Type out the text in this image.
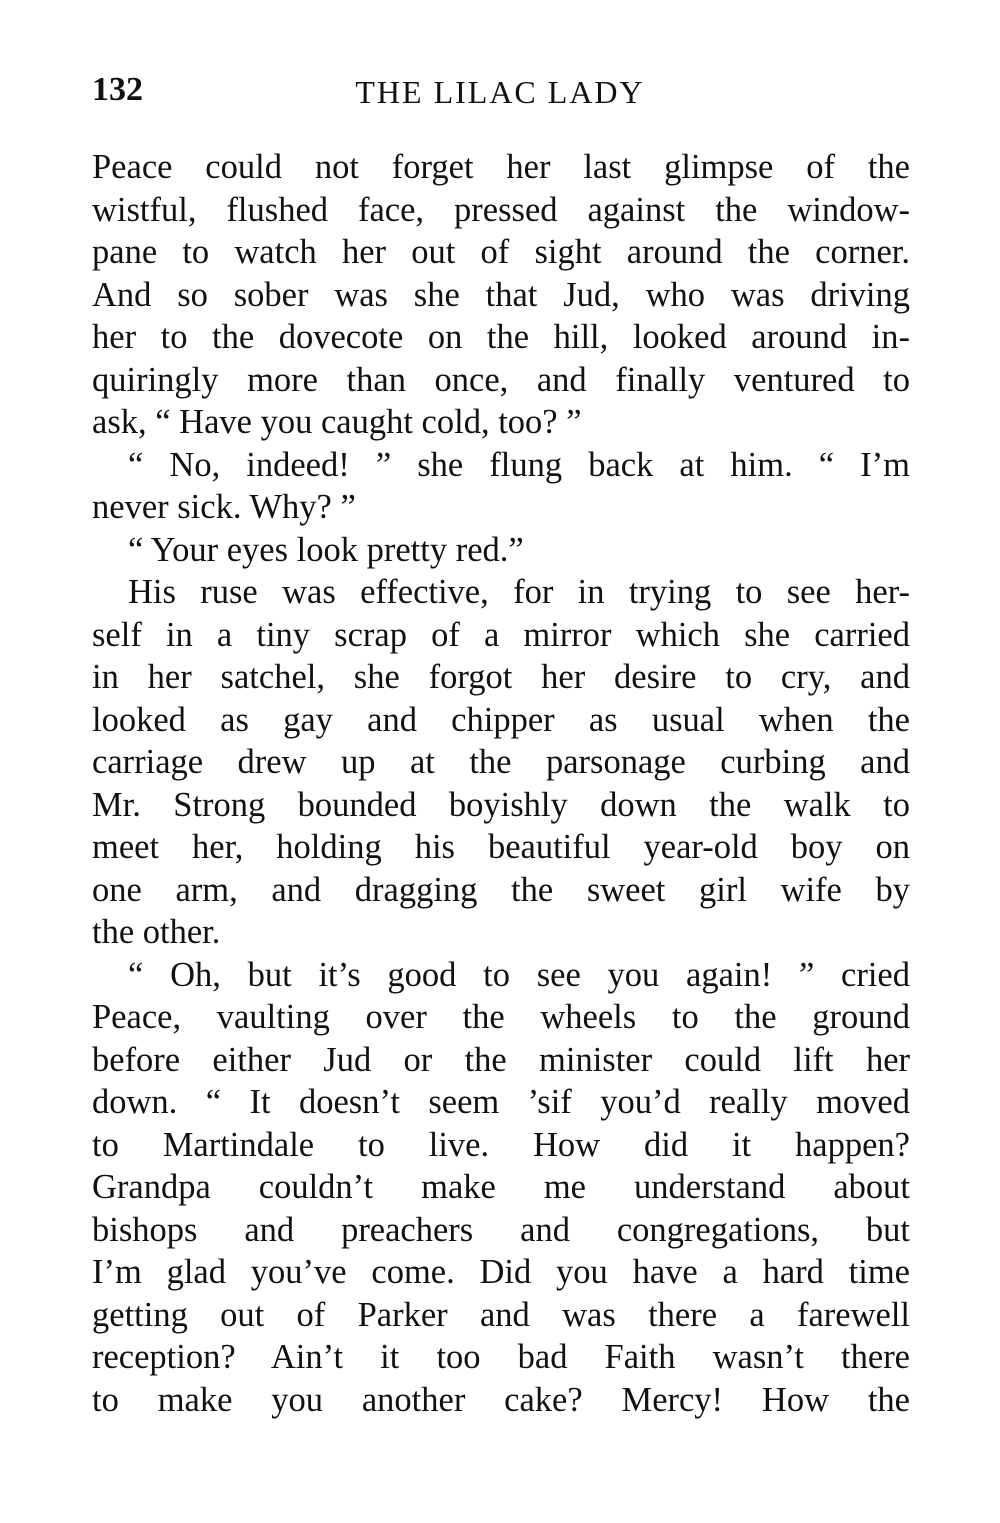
132	THE LILAC LADY
Peace could not forget her last glimpse of the
wistful, flushed face, pressed against the window-
pane to watch her out of sight around the corner.
And so sober was she that Jud, who was driving
her to the dovecote on the hill, looked around in-
quiringly more than once, and finally ventured to
ask, “ Have you caught cold, too? ”
“ No, indeed! ” she flung back at him. “ I’m
never sick. Why? ”
“ Your eyes look pretty red.”
His ruse was effective, for in trying to see her-
self in a tiny scrap of a mirror which she carried
in her satchel, she forgot her desire to cry, and
looked as gay and chipper as usual when the
carriage drew up at the parsonage curbing and
Mr. Strong bounded boyishly down the walk to
meet her, holding his beautiful year-old boy on
one arm, and dragging the sweet girl wife by
the other.
“ Oh, but it’s good to see you again! ” cried
Peace, vaulting over the wheels to the ground
before either Jud or the minister could lift her
down. “ It doesn’t seem ’sif you’d really moved
to Martindale to live. How did it happen?
Grandpa couldn’t make me understand about
bishops and preachers and congregations, but
I’m glad you’ve come. Did you have a hard time
getting out of Parker and was there a farewell
reception? Ain’t it too bad Faith wasn’t there
to make you another cake? Mercy! How the
